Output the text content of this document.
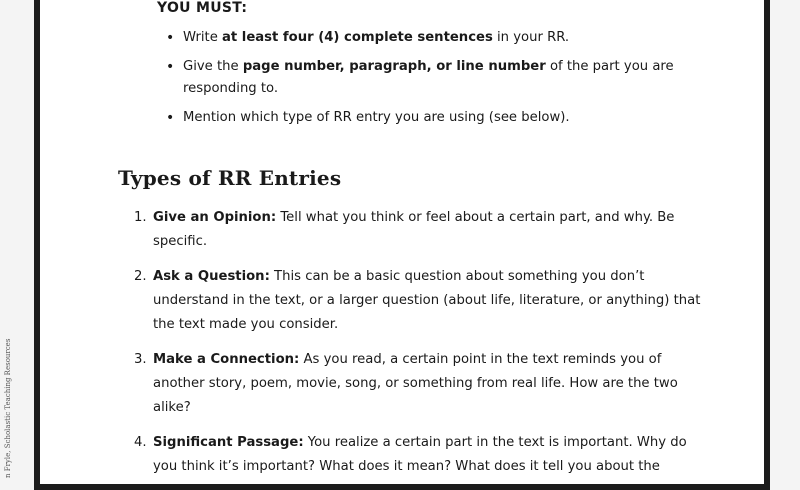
n Fryle, Scholastic Teaching Resources
YOU MUST:
• Write at least four (4) complete sentences in your RR.
• Give the page number, paragraph, or line number of the part you are responding to.
• Mention which type of RR entry you are using (see below).
Types of RR Entries
1. Give an Opinion: Tell what you think or feel about a certain part, and why. Be specific.
2. Ask a Question: This can be a basic question about something you don’t understand in the text, or a larger question (about life, literature, or anything) that the text made you consider.
3. Make a Connection: As you read, a certain point in the text reminds you of another story, poem, movie, song, or something from real life. How are the two alike?
4. Significant Passage: You realize a certain part in the text is important. Why do you think it’s important? What does it mean? What does it tell you about the
